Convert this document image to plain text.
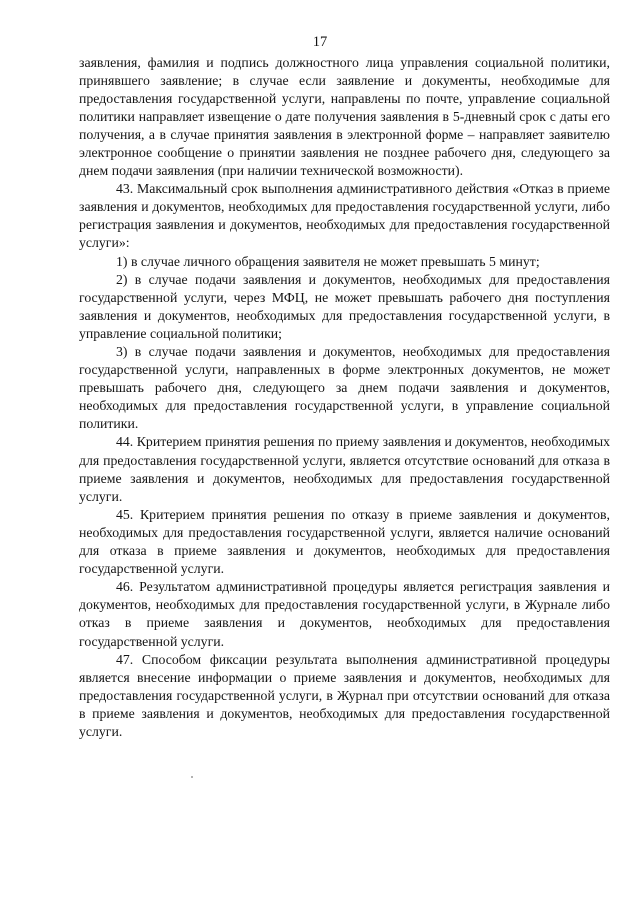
17

заявления, фамилия и подпись должностного лица управления социальной политики, принявшего заявление; в случае если заявление и документы, необходимые для предоставления государственной услуги, направлены по почте, управление социальной политики направляет извещение о дате получения заявления в 5-дневный срок с даты его получения, а в случае принятия заявления в электронной форме – направляет заявителю электронное сообщение о принятии заявления не позднее рабочего дня, следующего за днем подачи заявления (при наличии технической возможности).

43. Максимальный срок выполнения административного действия «Отказ в приеме заявления и документов, необходимых для предоставления государственной услуги, либо регистрация заявления и документов, необходимых для предоставления государственной услуги»:

1) в случае личного обращения заявителя не может превышать 5 минут;

2) в случае подачи заявления и документов, необходимых для предоставления государственной услуги, через МФЦ, не может превышать рабочего дня поступления заявления и документов, необходимых для предоставления государственной услуги, в управление социальной политики;

3) в случае подачи заявления и документов, необходимых для предоставления государственной услуги, направленных в форме электронных документов, не может превышать рабочего дня, следующего за днем подачи заявления и документов, необходимых для предоставления государственной услуги, в управление социальной политики.

44. Критерием принятия решения по приему заявления и документов, необходимых для предоставления государственной услуги, является отсутствие оснований для отказа в приеме заявления и документов, необходимых для предоставления государственной услуги.

45. Критерием принятия решения по отказу в приеме заявления и документов, необходимых для предоставления государственной услуги, является наличие оснований для отказа в приеме заявления и документов, необходимых для предоставления государственной услуги.

46. Результатом административной процедуры является регистрация заявления и документов, необходимых для предоставления государственной услуги, в Журнале либо отказ в приеме заявления и документов, необходимых для предоставления государственной услуги.

47. Способом фиксации результата выполнения административной процедуры является внесение информации о приеме заявления и документов, необходимых для предоставления государственной услуги, в Журнал при отсутствии оснований для отказа в приеме заявления и документов, необходимых для предоставления государственной услуги.
